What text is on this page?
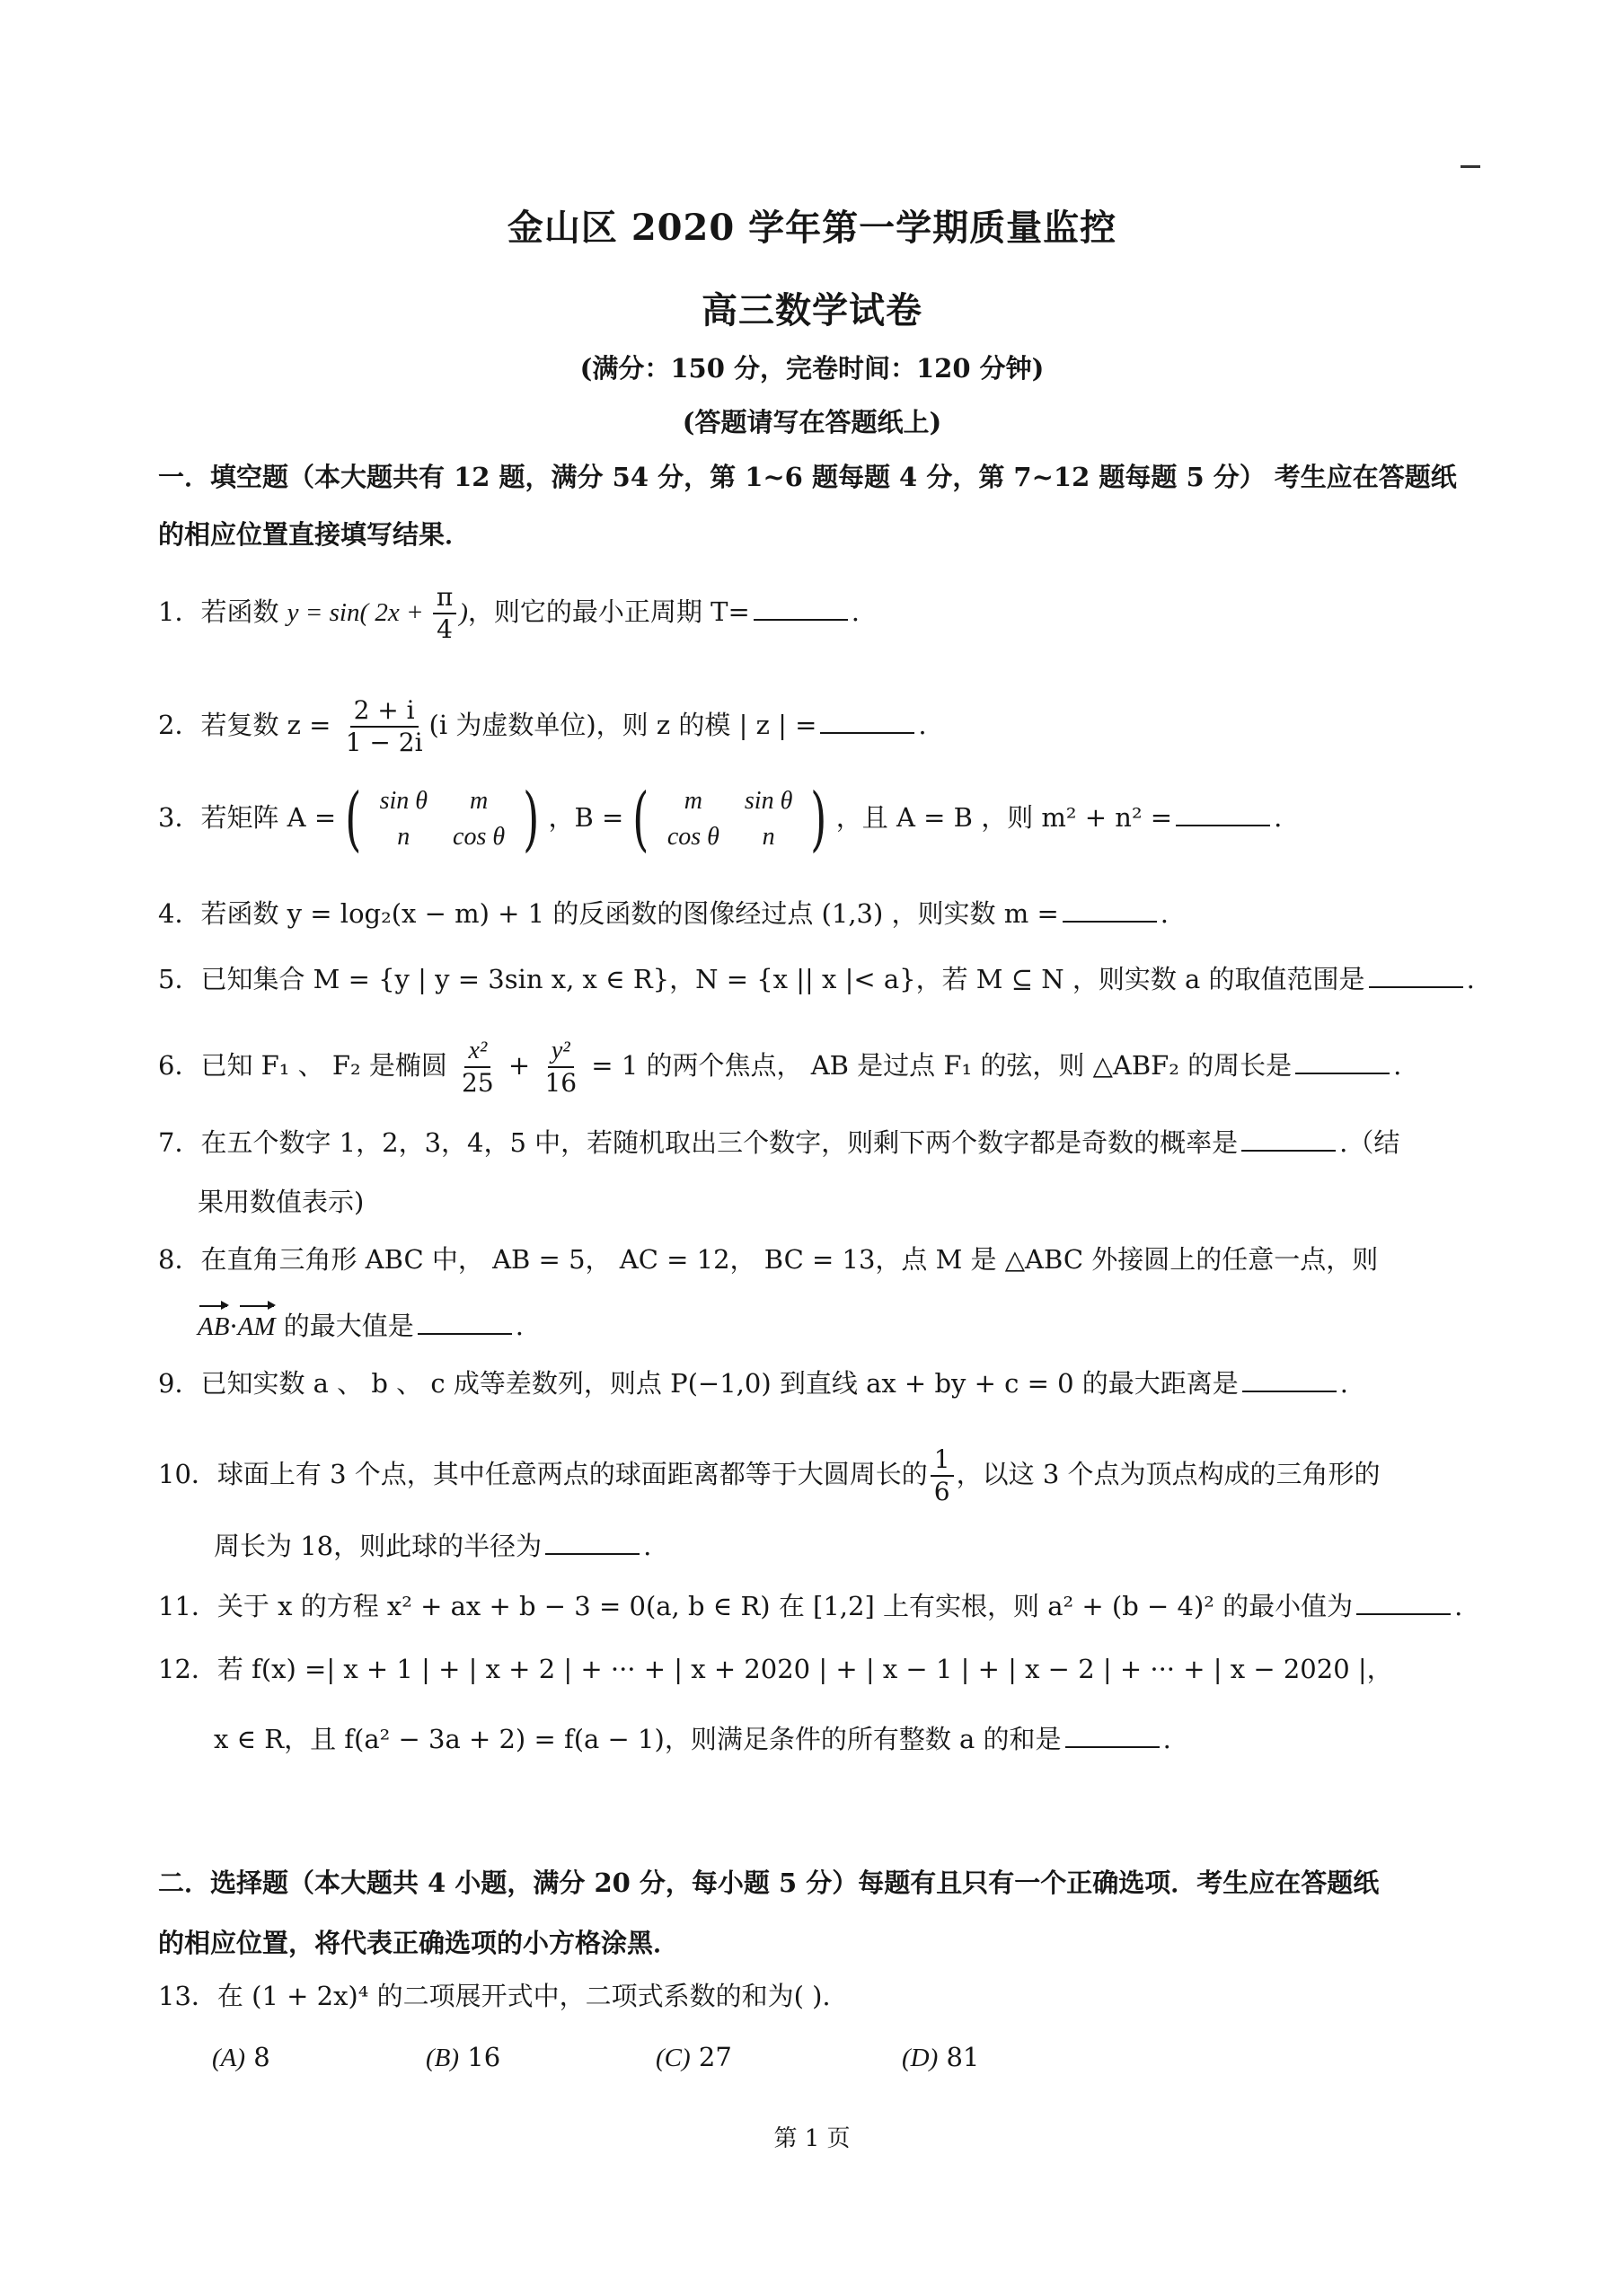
金山区 2020 学年第一学期质量监控
高三数学试卷
(满分：150 分，完卷时间：120 分钟)
(答题请写在答题纸上)
一．填空题（本大题共有 12 题，满分 54 分，第 1~6 题每题 4 分，第 7~12 题每题 5 分） 考生应在答题纸
的相应位置直接填写结果．
1．若函数 y = sin( $2x + \frac{\pi}{4}$ )，则它的最小正周期 T=	.
2．若复数 $z = \frac{2 + i}{1 - 2i} (i$ 为虚数单位)，则 z 的模 | z | =	.
3．若矩阵 A = ( sin θ	m
n	cos θ ) ，B = ( m	sin θ
cos θ	n ) ，且 A = B ，则 m² + n² =	.
4．若函数 y = log₂(x − m) + 1 的反函数的图像经过点 (1,3) ，则实数 m =	.
5．已知集合 M = {y | y = 3sin x, x ∈ R}，N = {x || x |< a}，若 M ⊆ N ，则实数 a 的取值范围是	.
6．已知 F₁ 、 F₂ 是椭圆 $\frac{\text{x²}}{25} + \frac{\text{y²}}{16} = 1$ 的两个焦点， AB 是过点 F₁ 的弦，则 △ABF₂ 的周长是	.
7．在五个数字 1，2，3，4，5 中，若随机取出三个数字，则剩下两个数字都是奇数的概率是	.（结
果用数值表示)
8．在直角三角形 ABC 中， AB = 5， AC = 12， BC = 13，点 M 是 △ABC 外接圆上的任意一点，则
AB·AM 的最大值是	.
9．已知实数 a 、 b 、 c 成等差数列，则点 P(−1,0) 到直线 ax + by + c = 0 的最大距离是	.
10．球面上有 3 个点，其中任意两点的球面距离都等于大圆周长的 $\frac{1}{6}$ ，以这 3 个点为顶点构成的三角形的
周长为 18，则此球的半径为	.
11．关于 x 的方程 x² + ax + b − 3 = 0(a, b ∈ R) 在 [1,2] 上有实根，则 a² + (b − 4)² 的最小值为	.
12．若 f(x) =| x + 1 | + | x + 2 | + ··· + | x + 2020 | + | x − 1 | + | x − 2 | + ··· + | x − 2020 |，
x ∈ R，且 f(a² − 3a + 2) = f(a − 1)，则满足条件的所有整数 a 的和是	.
二．选择题（本大题共 4 小题，满分 20 分，每小题 5 分）每题有且只有一个正确选项．考生应在答题纸
的相应位置，将代表正确选项的小方格涂黑．
13．在 (1 + 2x)⁴ 的二项展开式中，二项式系数的和为( ).
(A) 8	(B) 16	(C) 27	(D) 81
第 1 页
